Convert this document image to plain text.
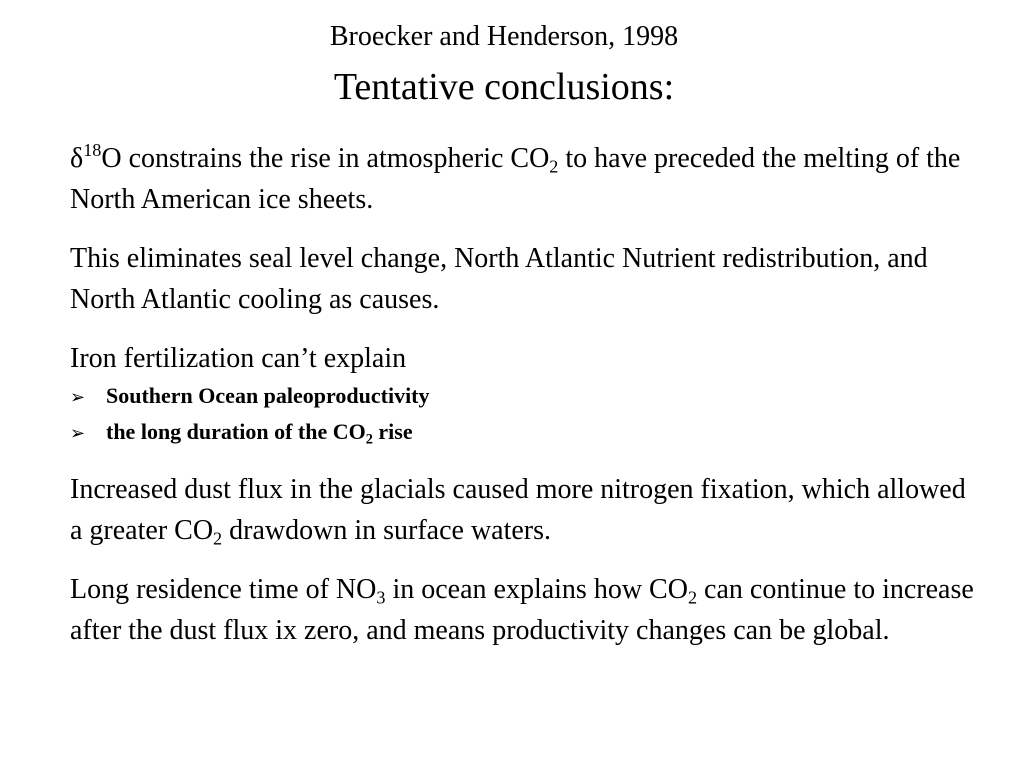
Broecker and Henderson, 1998
Tentative conclusions:

$\delta^{18}O$ constrains the rise in atmospheric $CO_2$ to have preceded the melting of the North American ice sheets.

This eliminates seal level change, North Atlantic Nutrient redistribution, and North Atlantic cooling as causes.

Iron fertilization can’t explain

➢ Southern Ocean paleoproductivity
➢ the long duration of the $CO_2$ rise

Increased dust flux in the glacials caused more nitrogen fixation, which allowed a greater $CO_2$ drawdown in surface waters.

Long residence time of $NO_3$ in ocean explains how $CO_2$ can continue to increase after the dust flux ix zero, and means productivity changes can be global.
